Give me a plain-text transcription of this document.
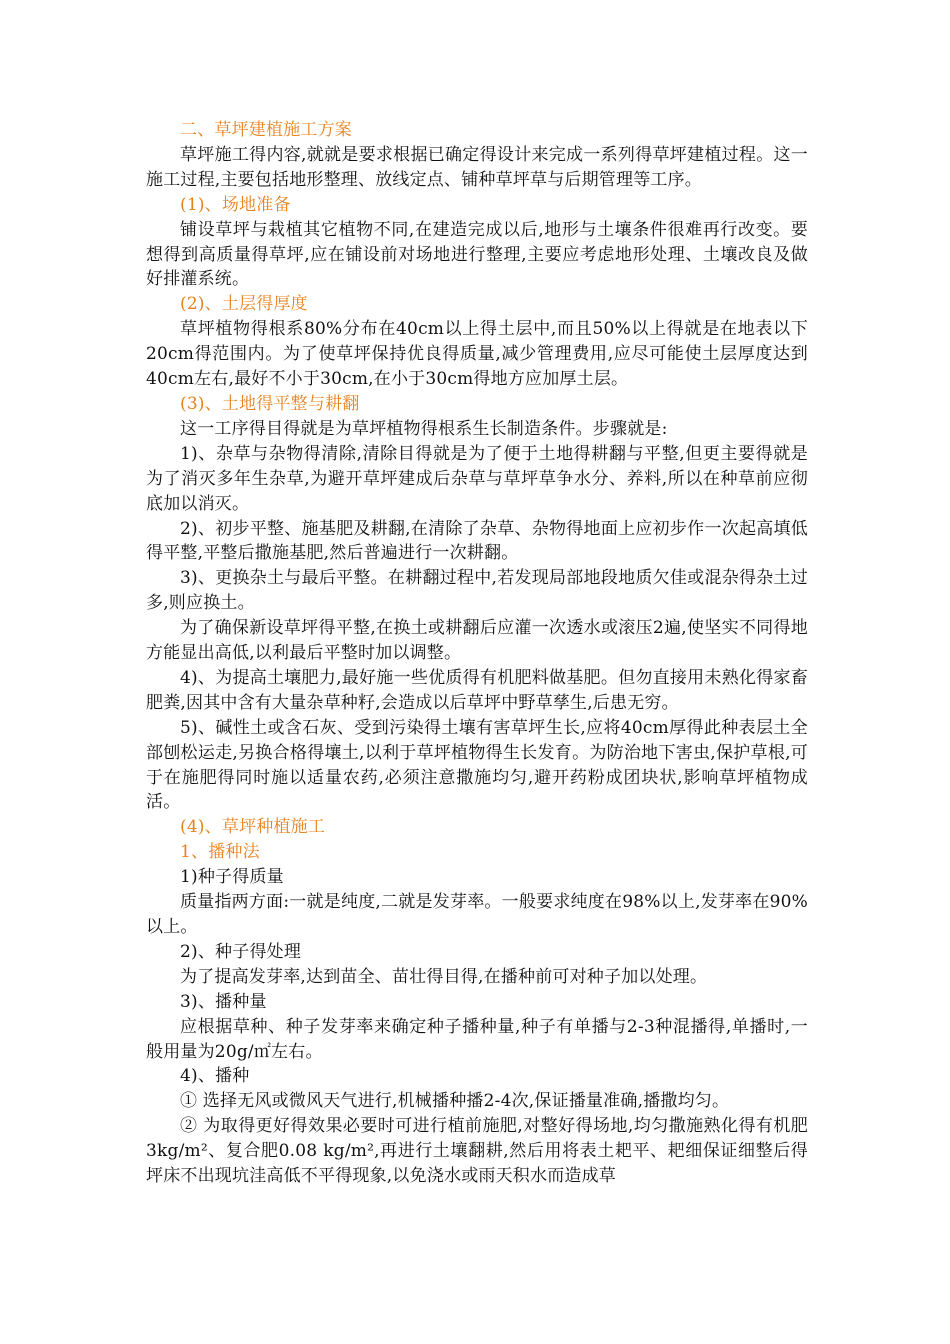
二、草坪建植施工方案

草坪施工得内容,就就是要求根据已确定得设计来完成一系列得草坪建植过程。这一施工过程,主要包括地形整理、放线定点、铺种草坪草与后期管理等工序。

(1)、场地准备

铺设草坪与栽植其它植物不同,在建造完成以后,地形与土壤条件很难再行改变。要想得到高质量得草坪,应在铺设前对场地进行整理,主要应考虑地形处理、土壤改良及做好排灌系统。

(2)、土层得厚度

草坪植物得根系80%分布在40cm以上得土层中,而且50%以上得就是在地表以下20cm得范围内。为了使草坪保持优良得质量,减少管理费用,应尽可能使土层厚度达到40cm左右,最好不小于30cm,在小于30cm得地方应加厚土层。

(3)、土地得平整与耕翻

这一工序得目得就是为草坪植物得根系生长制造条件。步骤就是:

1)、杂草与杂物得清除,清除目得就是为了便于土地得耕翻与平整,但更主要得就是为了消灭多年生杂草,为避开草坪建成后杂草与草坪草争水分、养料,所以在种草前应彻底加以消灭。

2)、初步平整、施基肥及耕翻,在清除了杂草、杂物得地面上应初步作一次起高填低得平整,平整后撒施基肥,然后普遍进行一次耕翻。

3)、更换杂土与最后平整。在耕翻过程中,若发现局部地段地质欠佳或混杂得杂土过多,则应换土。

为了确保新设草坪得平整,在换土或耕翻后应灌一次透水或滚压2遍,使坚实不同得地方能显出高低,以利最后平整时加以调整。

4)、为提高土壤肥力,最好施一些优质得有机肥料做基肥。但勿直接用未熟化得家畜肥粪,因其中含有大量杂草种籽,会造成以后草坪中野草孳生,后患无穷。

5)、碱性土或含石灰、受到污染得土壤有害草坪生长,应将40cm厚得此种表层土全部刨松运走,另换合格得壤土,以利于草坪植物得生长发育。为防治地下害虫,保护草根,可于在施肥得同时施以适量农药,必须注意撒施均匀,避开药粉成团块状,影响草坪植物成活。

(4)、草坪种植施工

1、播种法

1)种子得质量

质量指两方面:一就是纯度,二就是发芽率。一般要求纯度在98%以上,发芽率在90%以上。

2)、种子得处理

为了提高发芽率,达到苗全、苗壮得目得,在播种前可对种子加以处理。

3)、播种量

应根据草种、种子发芽率来确定种子播种量,种子有单播与2-3种混播得,单播时,一般用量为20g/㎡左右。

4)、播种

① 选择无风或微风天气进行,机械播种播2-4次,保证播量准确,播撒均匀。

② 为取得更好得效果必要时可进行植前施肥,对整好得场地,均匀撒施熟化得有机肥3kg/m²、复合肥0.08 kg/m²,再进行土壤翻耕,然后用将表土耙平、耙细保证细整后得坪床不出现坑洼高低不平得现象,以免浇水或雨天积水而造成草
